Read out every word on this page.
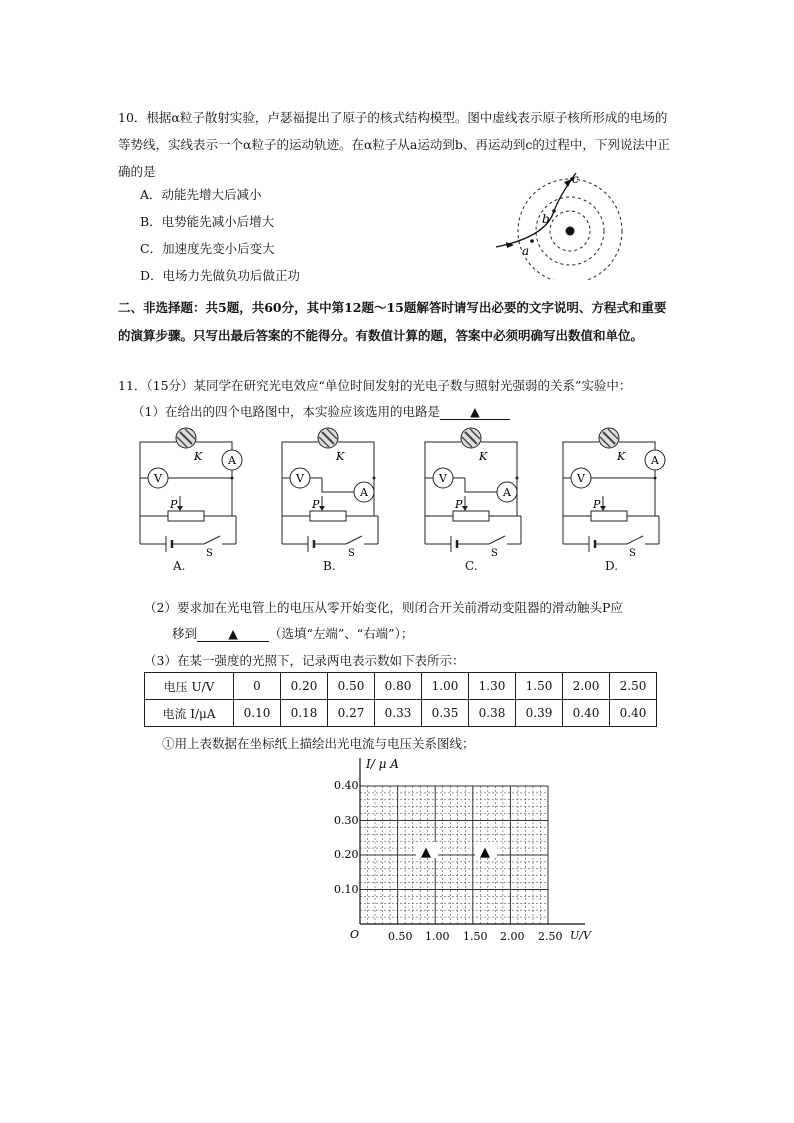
10．根据α粒子散射实验，卢瑟福提出了原子的核式结构模型。图中虚线表示原子核所形成的电场的等势线，实线表示一个α粒子的运动轨迹。在α粒子从a运动到b、再运动到c的过程中，下列说法中正确的是
A．动能先增大后减小
B．电势能先减小后增大
C．加速度先变小后变大
D．电场力先做负功后做正功
a
b
c
二、非选择题：共5题，共60分，其中第12题～15题解答时请写出必要的文字说明、方程式和重要的演算步骤。只写出最后答案的不能得分。有数值计算的题，答案中必须明确写出数值和单位。
11．（15分）某同学在研究光电效应“单位时间发射的光电子数与照射光强弱的关系”实验中：
（1）在给出的四个电路图中，本实验应该选用的电路是 ▲
K A
V
P
S
K
V
A
P
S
K
V
A
P
S
K A
V
P
S
A.	B.	C.	D.
（2）要求加在光电管上的电压从零开始变化，则闭合开关前滑动变阻器的滑动触头P应
移到 ▲ （选填“左端”、“右端”）；
（3）在某一强度的光照下，记录两电表示数如下表所示：
电压 U/V	0	0.20	0.50	0.80	1.00	1.30	1.50	2.00	2.50
电流 I/μA	0.10	0.18	0.27	0.33	0.35	0.38	0.39	0.40	0.40
①用上表数据在坐标纸上描绘出光电流与电压关系图线；
I/ μ A
U/V
O
0.10
0.20
0.30
0.40
0.50 1.00 1.50 2.00 2.50
▲	▲
